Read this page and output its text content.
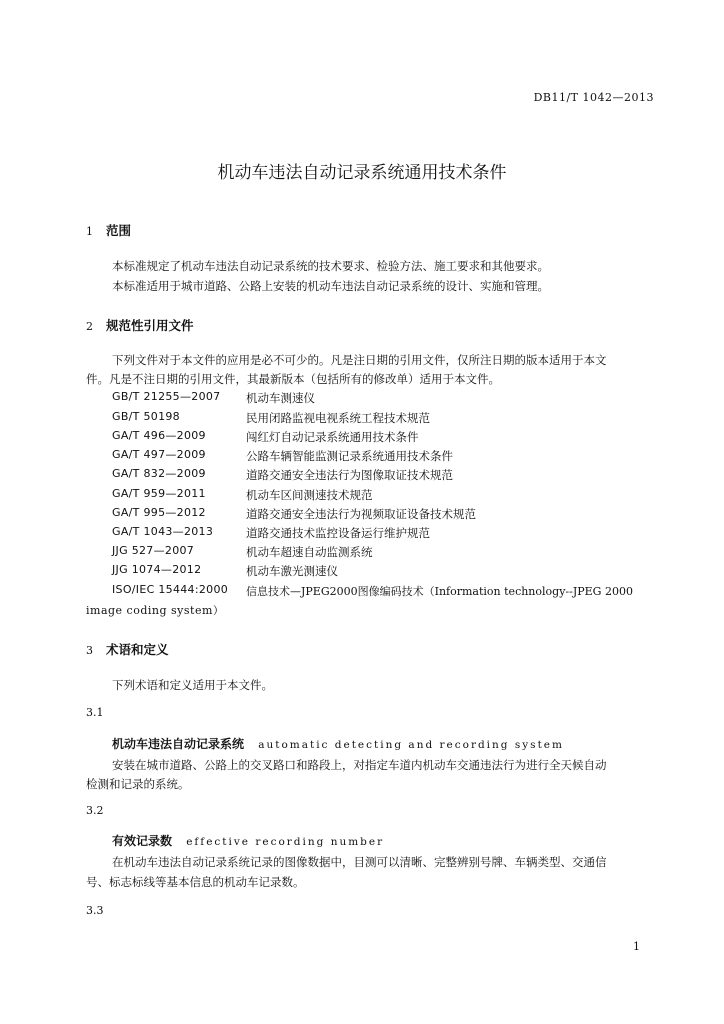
DB11/T 1042—2013
机动车违法自动记录系统通用技术条件
1 范围
本标准规定了机动车违法自动记录系统的技术要求、检验方法、施工要求和其他要求。
本标准适用于城市道路、公路上安装的机动车违法自动记录系统的设计、实施和管理。
2 规范性引用文件
下列文件对于本文件的应用是必不可少的。凡是注日期的引用文件，仅所注日期的版本适用于本文
件。凡是不注日期的引用文件，其最新版本（包括所有的修改单）适用于本文件。
GB/T 21255—2007 机动车测速仪
GB/T 50198	民用闭路监视电视系统工程技术规范
GA/T 496—2009	闯红灯自动记录系统通用技术条件
GA/T 497—2009	公路车辆智能监测记录系统通用技术条件
GA/T 832—2009	道路交通安全违法行为图像取证技术规范
GA/T 959—2011	机动车区间测速技术规范
GA/T 995—2012	道路交通安全违法行为视频取证设备技术规范
GA/T 1043—2013	道路交通技术监控设备运行维护规范
JJG 527—2007	机动车超速自动监测系统
JJG 1074—2012	机动车激光测速仪
ISO/IEC 15444:2000 信息技术—JPEG2000图像编码技术（Information technology--JPEG 2000
image coding system）
3 术语和定义
下列术语和定义适用于本文件。
3.1
机动车违法自动记录系统 automatic detecting and recording system
安装在城市道路、公路上的交叉路口和路段上，对指定车道内机动车交通违法行为进行全天候自动
检测和记录的系统。
3.2
有效记录数 effective recording number
在机动车违法自动记录系统记录的图像数据中，目测可以清晰、完整辨别号牌、车辆类型、交通信
号、标志标线等基本信息的机动车记录数。
3.3
1
